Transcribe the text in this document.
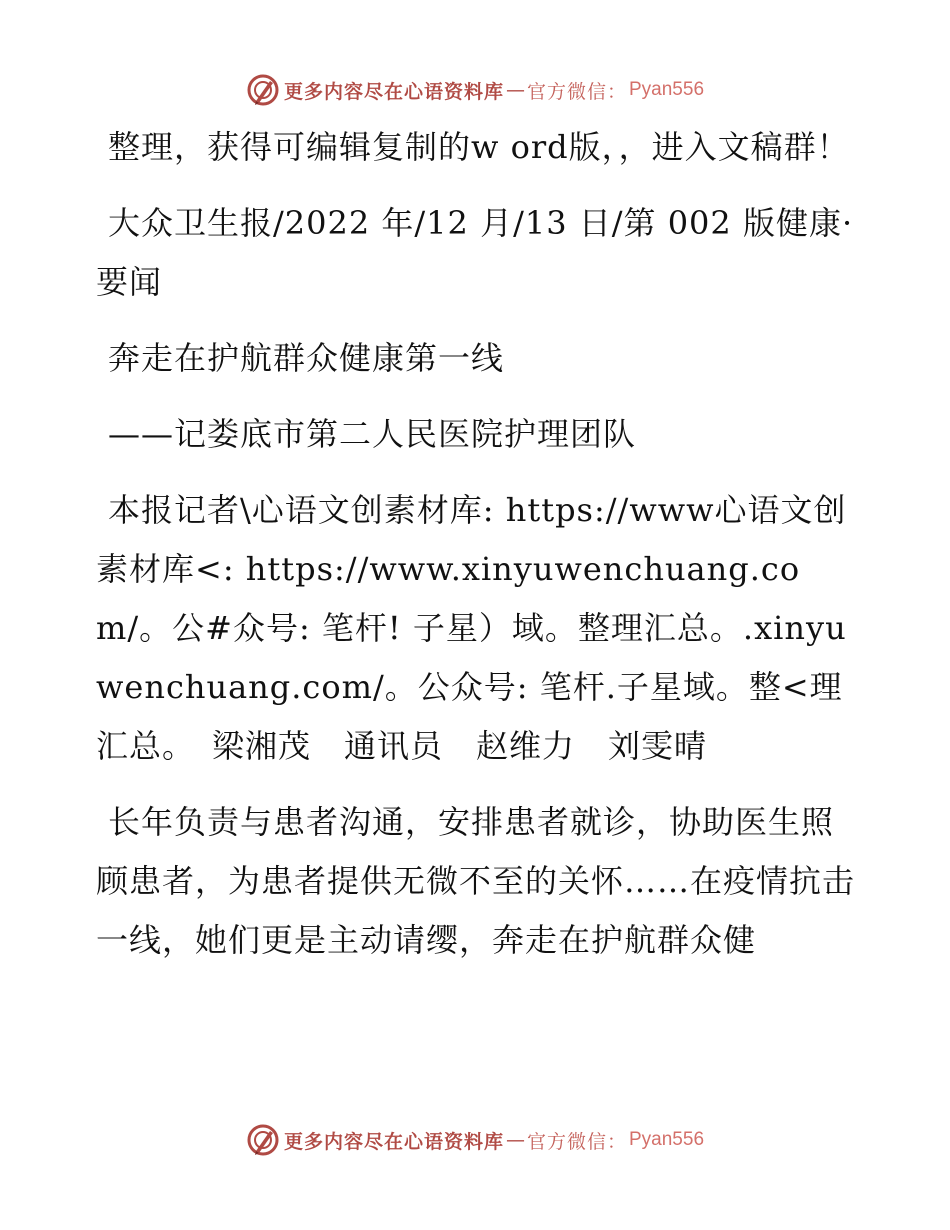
更多内容尽在心语资料库 — 官方微信： Pyan556

整理，获得可编辑复制的w ord版，，进入文稿群！

大众卫生报/2022 年/12 月/13 日/第 002 版健康· 要闻

奔走在护航群众健康第一线

——记娄底市第二人民医院护理团队

本报记者\心语文创素材库: https://www心语文创素材库<: https://www.xinyuwenchuang.com/。公#众号: 笔杆! 子星）域。整理汇总。.xinyuwenchuang.com/。公众号: 笔杆.子星域。整<理汇总。　梁湘茂　通讯员　赵维力　刘雯晴

长年负责与患者沟通，安排患者就诊，协助医生照顾患者，为患者提供无微不至的关怀……在疫情抗击一线，她们更是主动请缨，奔走在护航群众健

更多内容尽在心语资料库 — 官方微信： Pyan556
